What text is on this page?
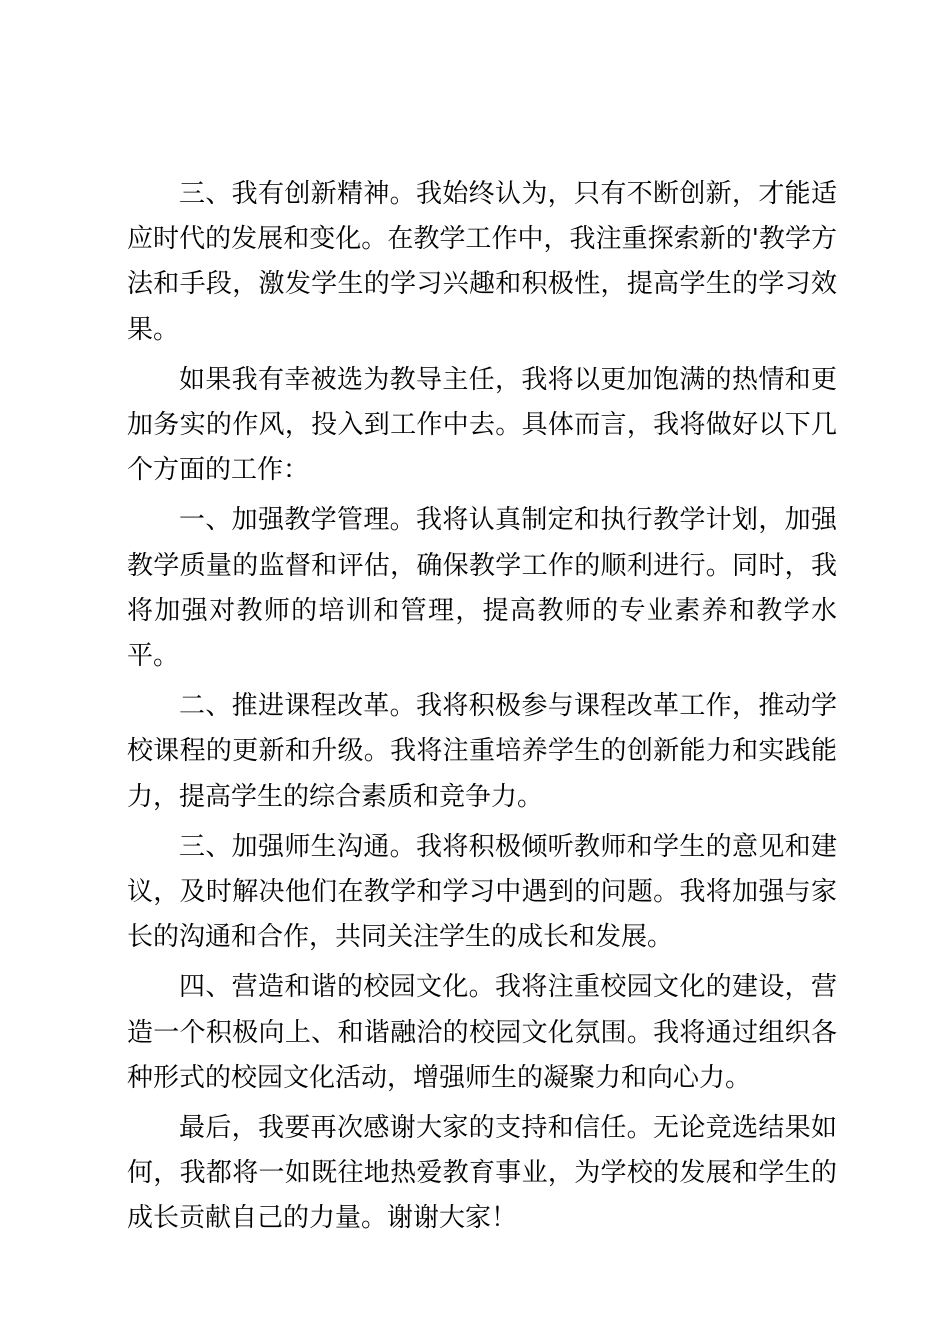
三、我有创新精神。我始终认为，只有不断创新，才能适应时代的发展和变化。在教学工作中，我注重探索新的'教学方法和手段，激发学生的学习兴趣和积极性，提高学生的学习效果。

如果我有幸被选为教导主任，我将以更加饱满的热情和更加务实的作风，投入到工作中去。具体而言，我将做好以下几个方面的工作：

一、加强教学管理。我将认真制定和执行教学计划，加强教学质量的监督和评估，确保教学工作的顺利进行。同时，我将加强对教师的培训和管理，提高教师的专业素养和教学水平。

二、推进课程改革。我将积极参与课程改革工作，推动学校课程的更新和升级。我将注重培养学生的创新能力和实践能力，提高学生的综合素质和竞争力。

三、加强师生沟通。我将积极倾听教师和学生的意见和建议，及时解决他们在教学和学习中遇到的问题。我将加强与家长的沟通和合作，共同关注学生的成长和发展。

四、营造和谐的校园文化。我将注重校园文化的建设，营造一个积极向上、和谐融洽的校园文化氛围。我将通过组织各种形式的校园文化活动，增强师生的凝聚力和向心力。

最后，我要再次感谢大家的支持和信任。无论竞选结果如何，我都将一如既往地热爱教育事业，为学校的发展和学生的成长贡献自己的力量。谢谢大家！
